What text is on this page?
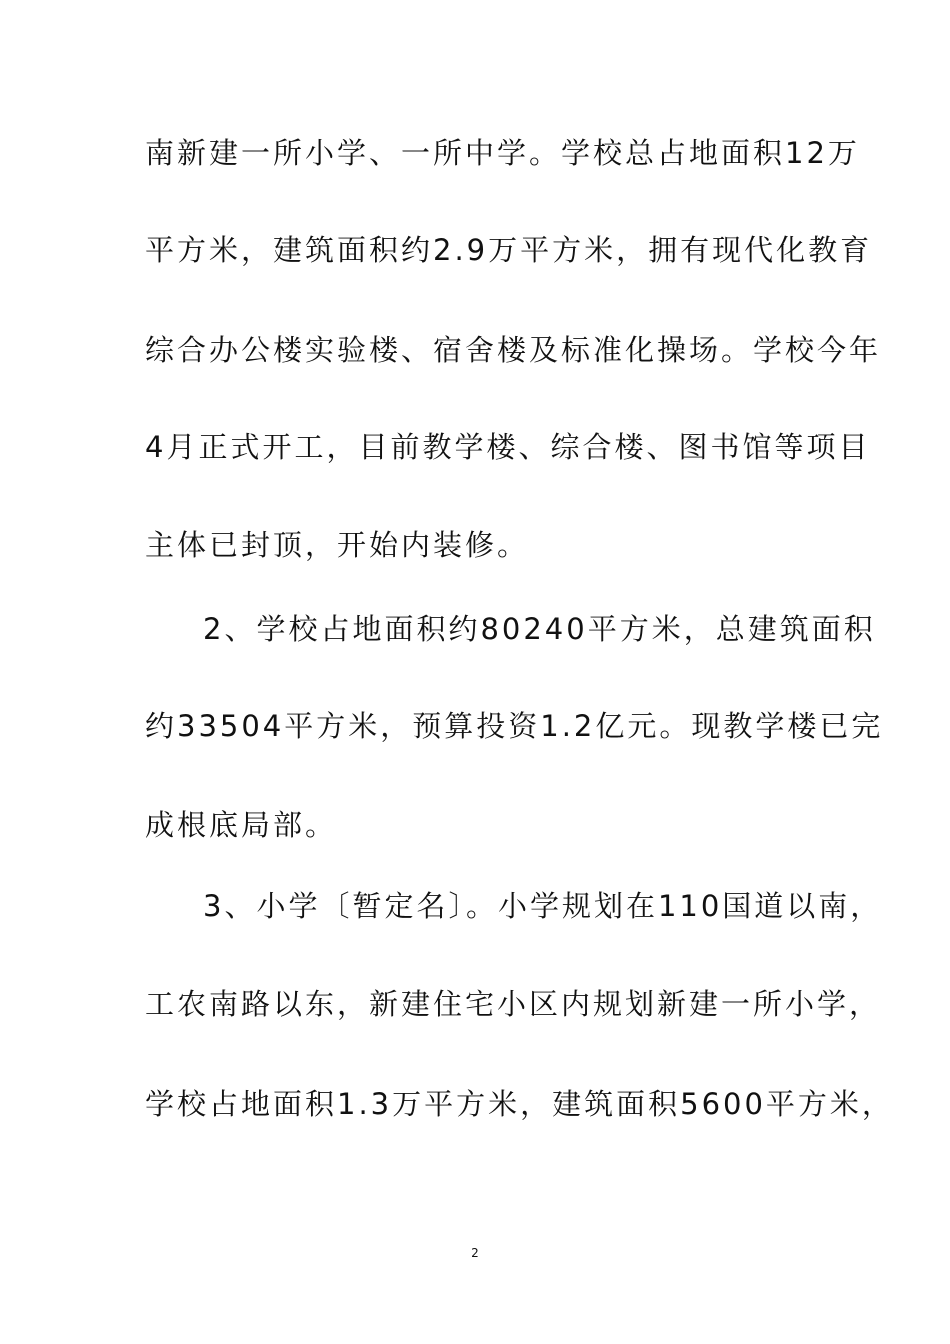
南新建一所小学、一所中学。学校总占地面积12万
平方米，建筑面积约2.9万平方米，拥有现代化教育
综合办公楼实验楼、宿舍楼及标准化操场。学校今年
4月正式开工，目前教学楼、综合楼、图书馆等项目
主体已封顶，开始内装修。
2、学校占地面积约80240平方米，总建筑面积
约33504平方米，预算投资1.2亿元。现教学楼已完
成根底局部。
3、小学〔暂定名〕。小学规划在110国道以南，
工农南路以东，新建住宅小区内规划新建一所小学，
学校占地面积1.3万平方米，建筑面积5600平方米，
2
